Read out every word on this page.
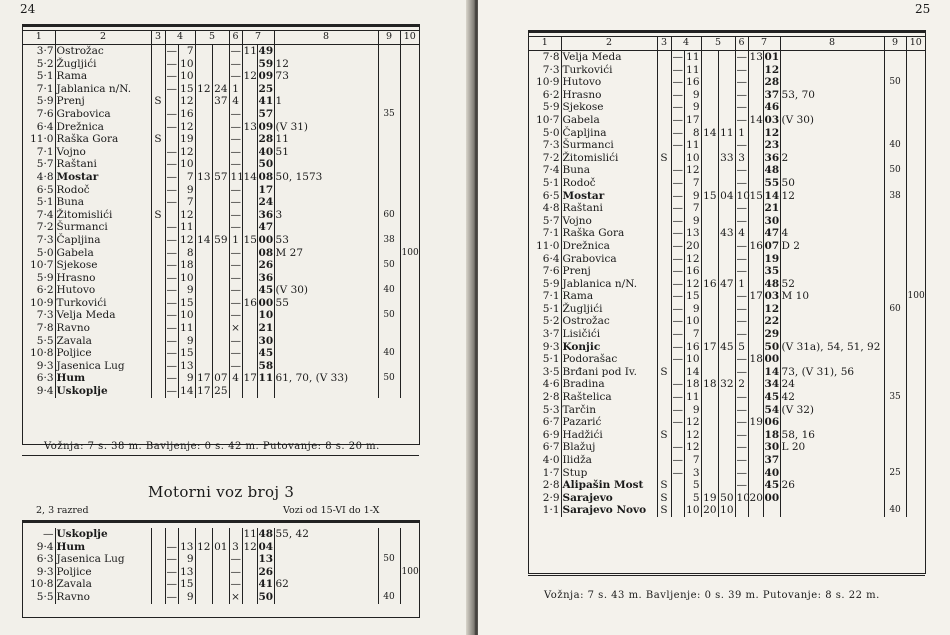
24
1	2	3	4		5		6	7		8	9	10
3·7	Ostrožac		—	7			—	11	49			
5·2	Žugljići		—	10			—		59	12		
5·1	Rama		—	10			—	12	09	73		
7·1	Jablanica n/N.		—	15	12	24	1		25			
5·9	Prenj	S		12		37	4		41	1		
7·6	Grabovica		—	16			—		57		35	
6·4	Drežnica		—	12			—	13	09	(V 31)		
11·0	Raška Gora	S		19			—		28	11		
7·1	Vojno		—	12			—		40	51		
5·7	Raštani		—	10			—		50			
4·8	Mostar		—	7	13	57	11	14	08	50, 1573		
6·5	Rodoč		—	9			—		17			
5·1	Buna		—	7			—		24			
7·4	Žitomislići	S		12			—		36	3	60	
7·2	Šurmanci		—	11			—		47			
7·3	Čapljina		—	12	14	59	1	15	00	53	38	
5·0	Gabela		—	8			—		08	M 27		100
10·7	Sjekose		—	18			—		26		50	
5·9	Hrasno		—	10			—		36			
6·2	Hutovo		—	9			—		45	(V 30)	40	
10·9	Turkovići		—	15			—	16	00	55		
7·3	Velja Meda		—	10			—		10		50	
7·8	Ravno		—	11			×		21			
5·5	Zavala		—	9			—		30			
10·8	Poljice		—	15			—		45		40	
9·3	Jasenica Lug		—	13			—		58			
6·3	Hum		—	9	17	07	4	17	11	61, 70, (V 33)	50	
9·4	Uskoplje		—	14	17	25						
Vožnja: 7 s. 38 m. Bavljenje: 0 s. 42 m. Putovanje: 8 s. 20 m.
Motorni voz broj 3
2, 3 razred	Vozi od 15-VI do 1-X
—	Uskoplje							11	48	55, 42		
9·4	Hum		—	13	12	01	3	12	04			
6·3	Jasenica Lug		—	9			—		13		50	
9·3	Poljice		—	13			—		26			100
10·8	Zavala		—	15			—		41	62		
5·5	Ravno		—	9			×		50		40	
25
1	2	3	4		5		6	7		8	9	10
7·8	Velja Meda		—	11			—	13	01			
7·3	Turkovići		—	11			—		12			
10·9	Hutovo		—	16			—		28		50	
6·2	Hrasno		—	9			—		37	53, 70		
5·9	Sjekose		—	9			—		46			
10·7	Gabela		—	17			—	14	03	(V 30)		
5·0	Čapljina		—	8	14	11	1		12			
7·3	Šurmanci		—	11			—		23		40	
7·2	Žitomislići	S		10		33	3		36	2		
7·4	Buna		—	12			—		48		50	
5·1	Rodoč		—	7			—		55	50		
6·5	Mostar		—	9	15	04	10	15	14	12	38	
4·8	Raštani		—	7			—		21			
5·7	Vojno		—	9			—		30			
7·1	Raška Gora		—	13		43	4		47	4		
11·0	Drežnica		—	20			—	16	07	D 2		
6·4	Grabovica		—	12			—		19			
7·6	Prenj		—	16			—		35			
5·9	Jablanica n/N.		—	12	16	47	1		48	52		
7·1	Rama		—	15			—	17	03	M 10		100
5·1	Žugljići		—	9			—		12		60	
5·2	Ostrožac		—	10			—		22			
3·7	Lisičići		—	7			—		29			
9·3	Konjic		—	16	17	45	5		50	(V 31a), 54, 51, 92		
5·1	Podorašac		—	10			—	18	00			
3·5	Brđani pod Iv.	S		14			—		14	73, (V 31), 56		
4·6	Bradina		—	18	18	32	2		34	24		
2·8	Raštelica		—	11			—		45	42	35	
5·3	Tarčin		—	9			—		54	(V 32)		
6·7	Pazarić		—	12			—	19	06			
6·9	Hadžići	S		12			—		18	58, 16		
6·7	Blažuj		—	12			—		30	L 20		
4·0	Ilidža		—	7			—		37			
1·7	Stup		—	3			—		40		25	
2·8	Alipašin Most	S		5			—		45	26		
2·9	Sarajevo	S		5	19	50	10	20	00			
1·1	Sarajevo Novo	S		10	20	10					40	
Vožnja: 7 s. 43 m. Bavljenje: 0 s. 39 m. Putovanje: 8 s. 22 m.
